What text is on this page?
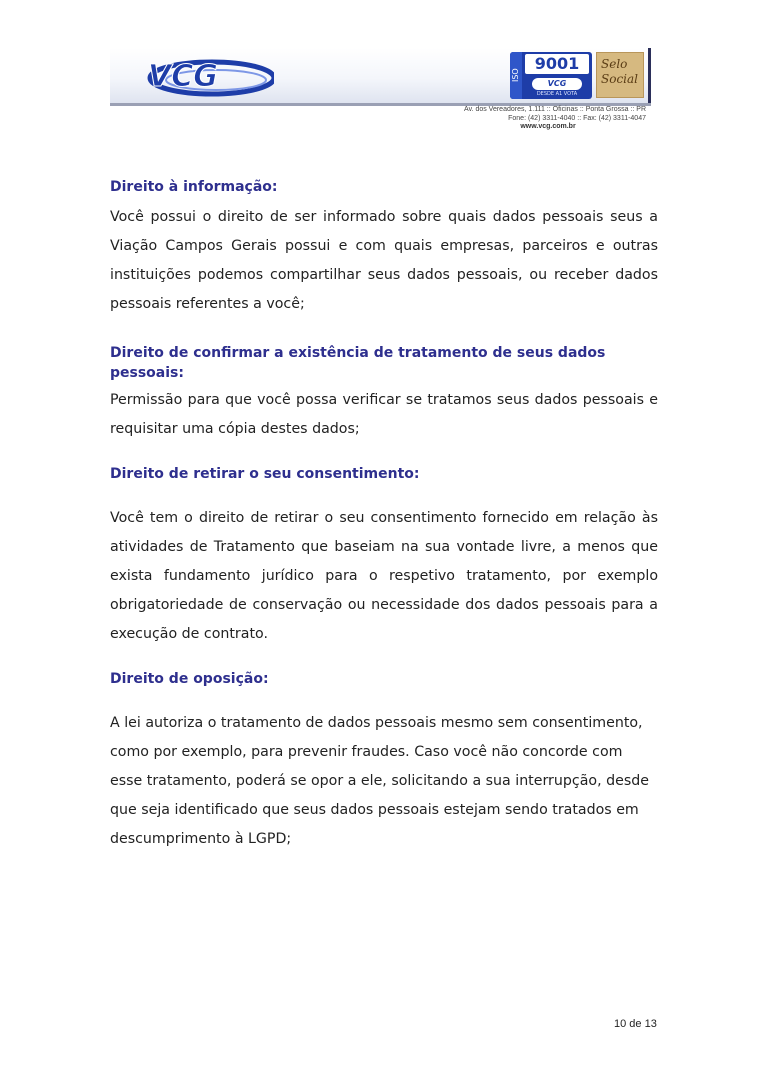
VCG	ISO
9001
VCG
DESDE A1 VOTA
Selo
Social
Av. dos Vereadores, 1.111 :: Oficinas :: Ponta Grossa :: PR
Fone: (42) 3311-4040 :: Fax: (42) 3311-4047
www.vcg.com.br

Direito à informação:

Você possui o direito de ser informado sobre quais dados pessoais seus a Viação Campos Gerais possui e com quais empresas, parceiros e outras instituições podemos compartilhar seus dados pessoais, ou receber dados pessoais referentes a você;

Direito de confirmar a existência de tratamento de seus dados pessoais:

Permissão para que você possa verificar se tratamos seus dados pessoais e requisitar uma cópia destes dados;

Direito de retirar o seu consentimento:

Você tem o direito de retirar o seu consentimento fornecido em relação às atividades de Tratamento que baseiam na sua vontade livre, a menos que exista fundamento jurídico para o respetivo tratamento, por exemplo obrigatoriedade de conservação ou necessidade dos dados pessoais para a execução de contrato.

Direito de oposição:

A lei autoriza o tratamento de dados pessoais mesmo sem consentimento, como por exemplo, para prevenir fraudes. Caso você não concorde com esse tratamento, poderá se opor a ele, solicitando a sua interrupção, desde que seja identificado que seus dados pessoais estejam sendo tratados em descumprimento à LGPD;

10 de 13
